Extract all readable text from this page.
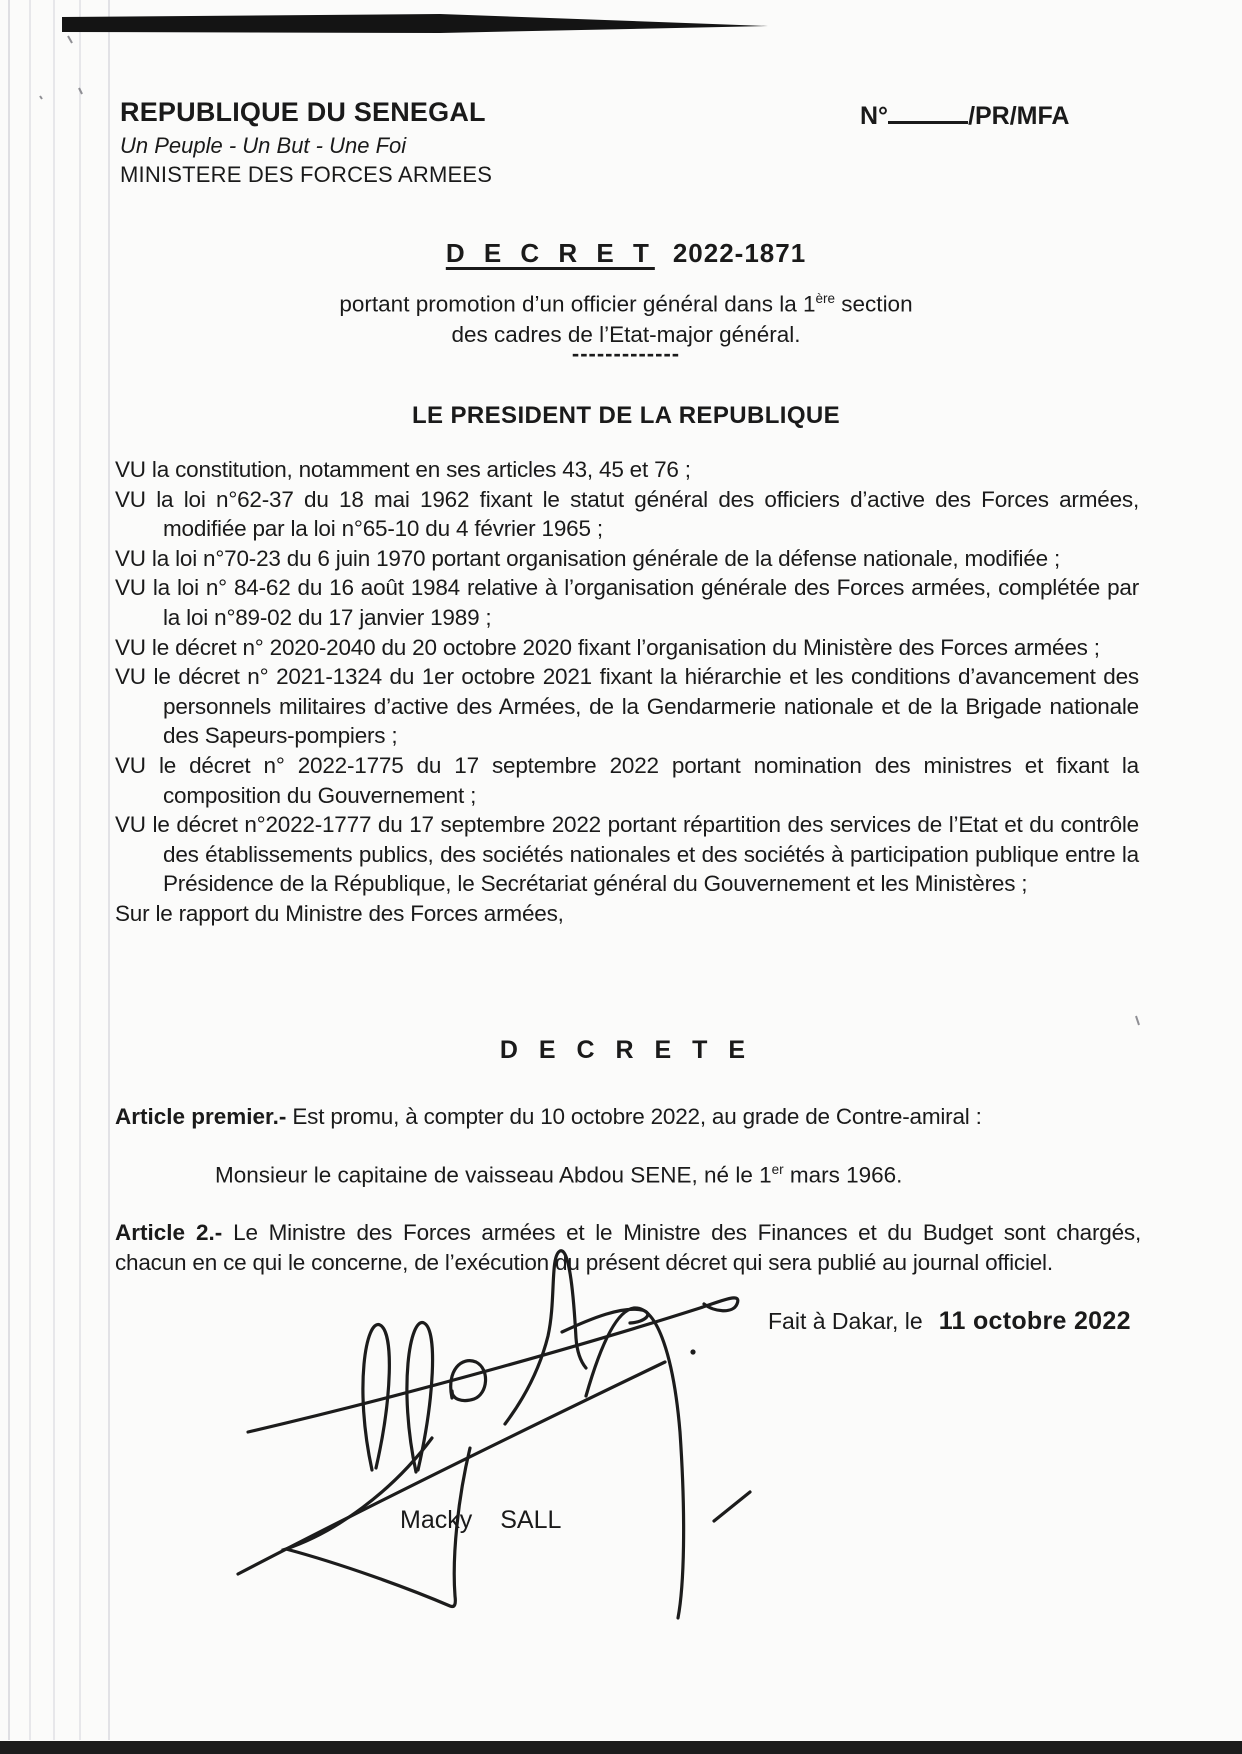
REPUBLIQUE DU SENEGAL
Un Peuple - Un But - Une Foi
MINISTERE DES FORCES ARMEES
N°	/PR/MFA
D E C R E T 2022-1871
portant promotion d’un officier général dans la 1ère section
des cadres de l’Etat-major général.
-------------
LE PRESIDENT DE LA REPUBLIQUE
VU la constitution, notamment en ses articles 43, 45 et 76 ;
VU la loi n°62-37 du 18 mai 1962 fixant le statut général des officiers d’active des Forces armées, modifiée par la loi n°65-10 du 4 février 1965 ;
VU la loi n°70-23 du 6 juin 1970 portant organisation générale de la défense nationale, modifiée ;
VU la loi n° 84-62 du 16 août 1984 relative à l’organisation générale des Forces armées, complétée par la loi n°89-02 du 17 janvier 1989 ;
VU le décret n° 2020-2040 du 20 octobre 2020 fixant l’organisation du Ministère des Forces armées ;
VU le décret n° 2021-1324 du 1er octobre 2021 fixant la hiérarchie et les conditions d’avancement des personnels militaires d’active des Armées, de la Gendarmerie nationale et de la Brigade nationale des Sapeurs-pompiers ;
VU le décret n° 2022-1775 du 17 septembre 2022 portant nomination des ministres et fixant la composition du Gouvernement ;
VU le décret n°2022-1777 du 17 septembre 2022 portant répartition des services de l’Etat et du contrôle des établissements publics, des sociétés nationales et des sociétés à participation publique entre la Présidence de la République, le Secrétariat général du Gouvernement et les Ministères ;
Sur le rapport du Ministre des Forces armées,
D E C R E T E
Article premier.- Est promu, à compter du 10 octobre 2022, au grade de Contre-amiral :
Monsieur le capitaine de vaisseau Abdou SENE, né le 1er mars 1966.
Article 2.- Le Ministre des Forces armées et le Ministre des Finances et du Budget sont chargés, chacun en ce qui le concerne, de l’exécution du présent décret qui sera publié au journal officiel.
Fait à Dakar, le 11 octobre 2022
Macky SALL
